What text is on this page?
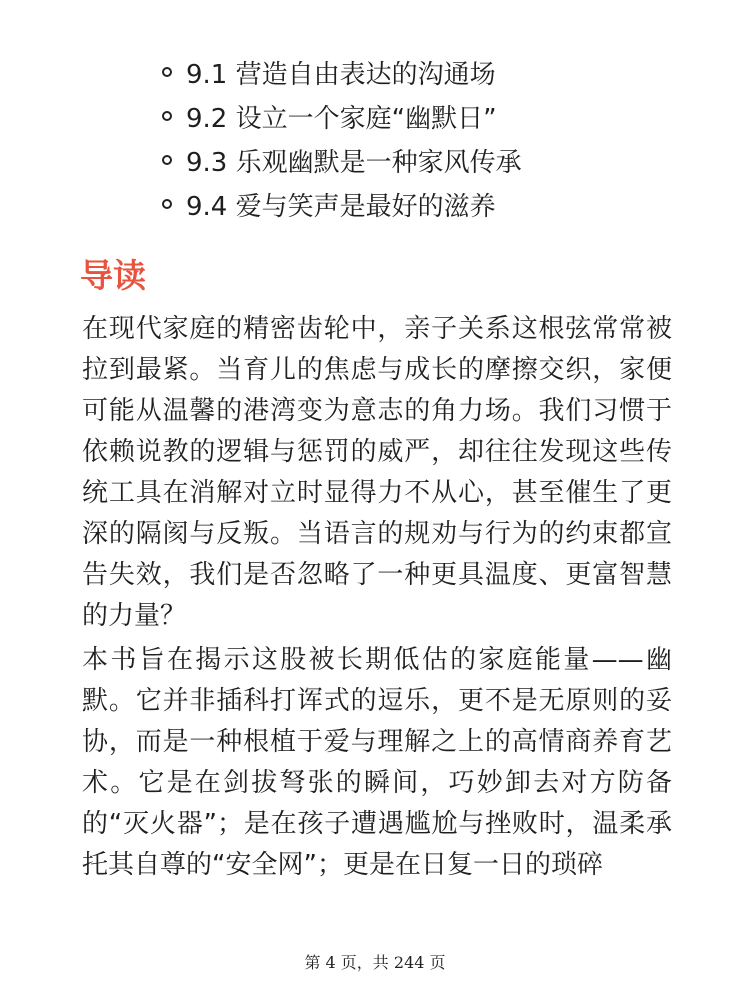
9.1 营造自由表达的沟通场
9.2 设立一个家庭“幽默日”
9.3 乐观幽默是一种家风传承
9.4 爱与笑声是最好的滋养
导读

在现代家庭的精密齿轮中，亲子关系这根弦常常被拉到最紧。当育儿的焦虑与成长的摩擦交织，家便可能从温馨的港湾变为意志的角力场。我们习惯于依赖说教的逻辑与惩罚的威严，却往往发现这些传统工具在消解对立时显得力不从心，甚至催生了更深的隔阂与反叛。当语言的规劝与行为的约束都宣告失效，我们是否忽略了一种更具温度、更富智慧的力量？

本书旨在揭示这股被长期低估的家庭能量——幽默。它并非插科打诨式的逗乐，更不是无原则的妥协，而是一种根植于爱与理解之上的高情商养育艺术。它是在剑拔弩张的瞬间，巧妙卸去对方防备的“灭火器”；是在孩子遭遇尴尬与挫败时，温柔承托其自尊的“安全网”；更是在日复一日的琐碎

第 4 页，共 244 页
